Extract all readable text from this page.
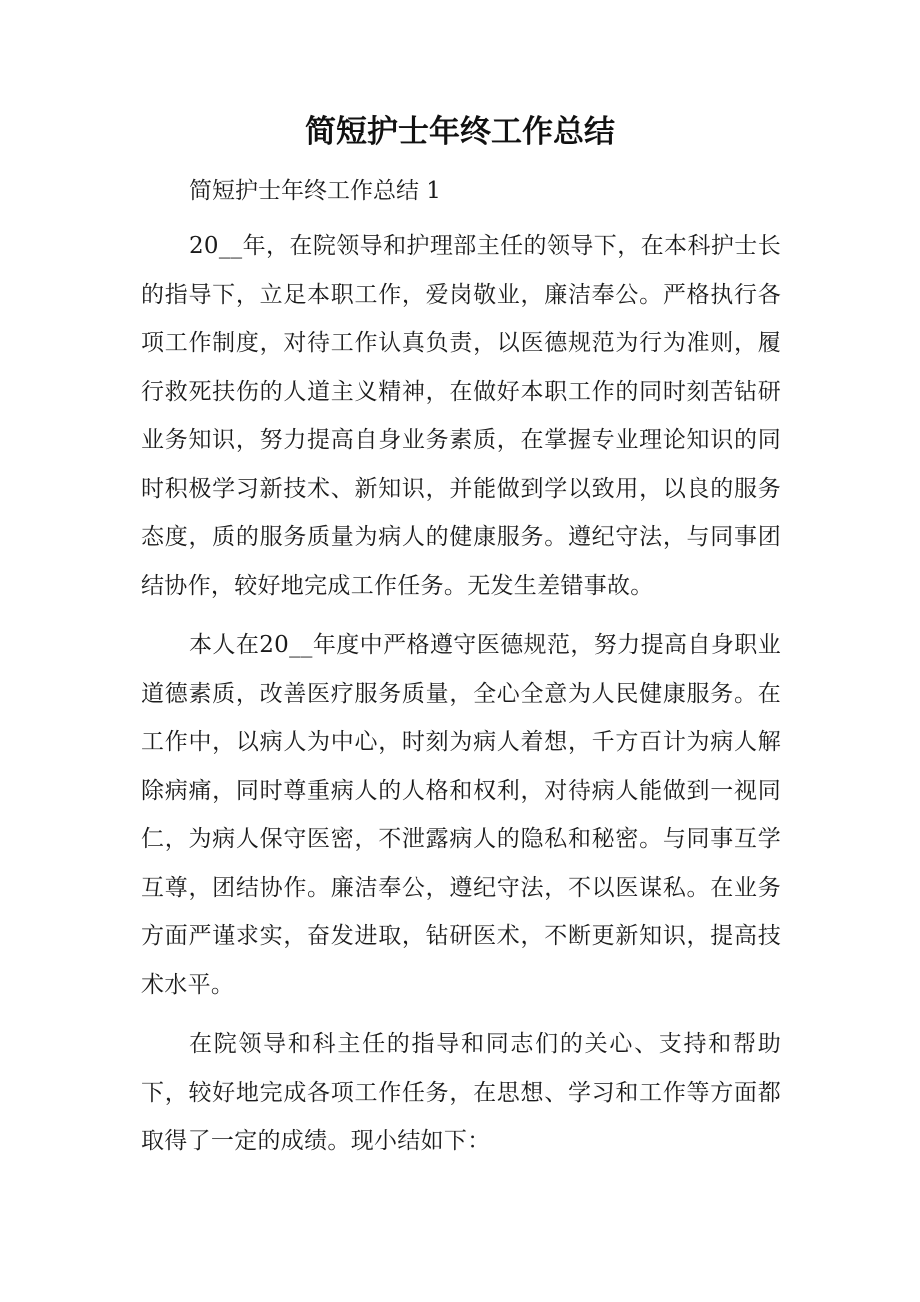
简短护士年终工作总结

简短护士年终工作总结 1

20__年，在院领导和护理部主任的领导下，在本科护士长的指导下，立足本职工作，爱岗敬业，廉洁奉公。严格执行各项工作制度，对待工作认真负责，以医德规范为行为准则，履行救死扶伤的人道主义精神，在做好本职工作的同时刻苦钻研业务知识，努力提高自身业务素质，在掌握专业理论知识的同时积极学习新技术、新知识，并能做到学以致用，以良的服务态度，质的服务质量为病人的健康服务。遵纪守法，与同事团结协作，较好地完成工作任务。无发生差错事故。

本人在20__年度中严格遵守医德规范，努力提高自身职业道德素质，改善医疗服务质量，全心全意为人民健康服务。在工作中，以病人为中心，时刻为病人着想，千方百计为病人解除病痛，同时尊重病人的人格和权利，对待病人能做到一视同仁，为病人保守医密，不泄露病人的隐私和秘密。与同事互学互尊，团结协作。廉洁奉公，遵纪守法，不以医谋私。在业务方面严谨求实，奋发进取，钻研医术，不断更新知识，提高技术水平。

在院领导和科主任的指导和同志们的关心、支持和帮助下，较好地完成各项工作任务，在思想、学习和工作等方面都取得了一定的成绩。现小结如下：
